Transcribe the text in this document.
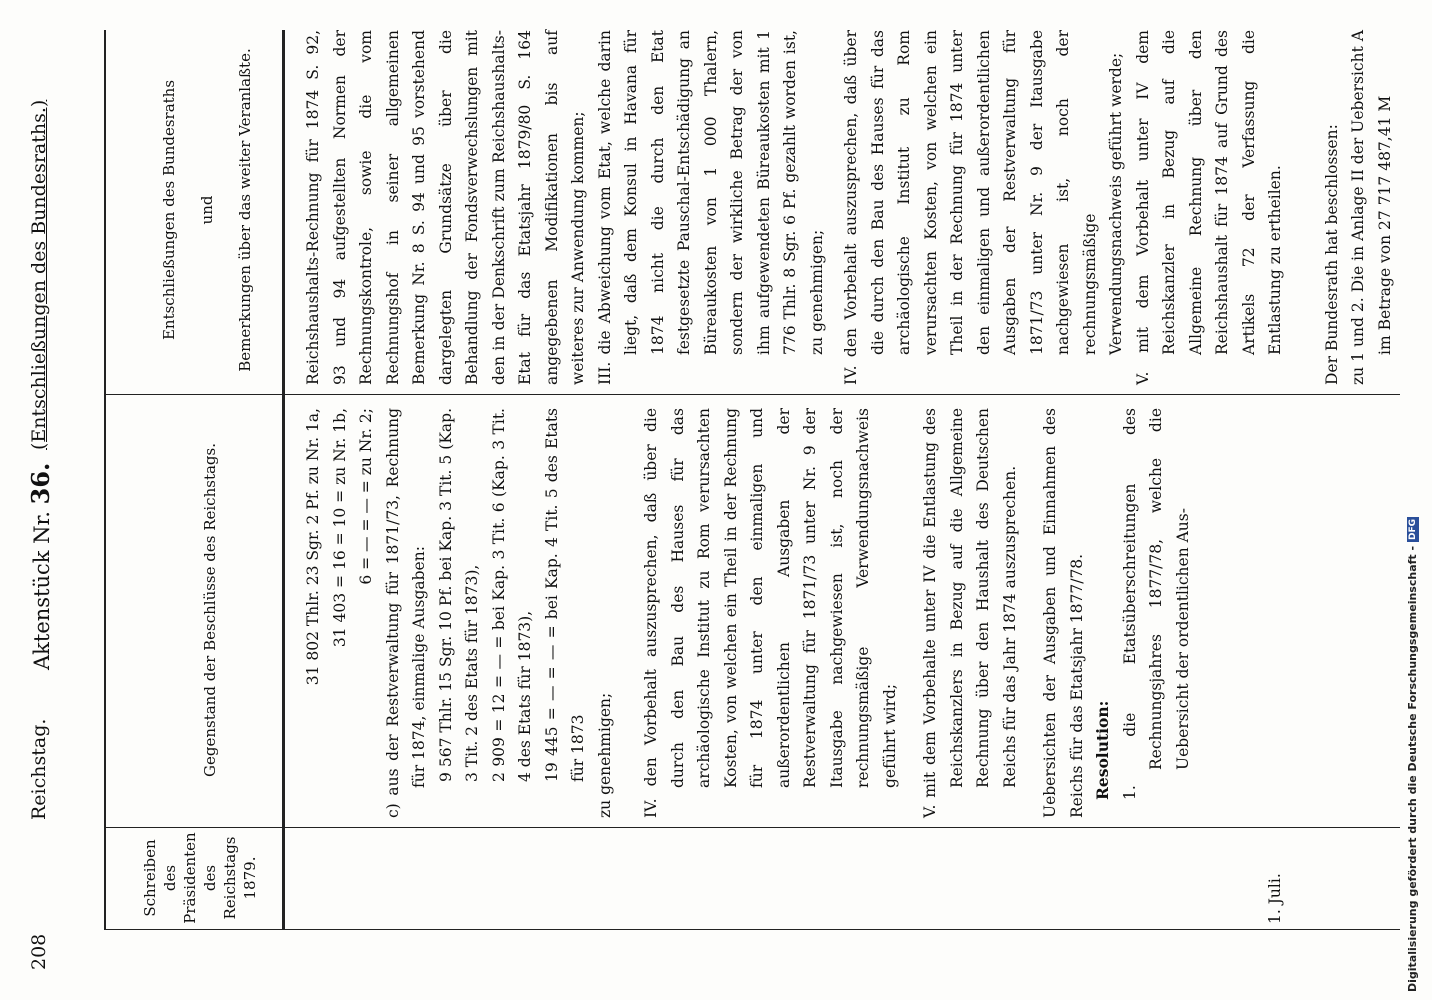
208
Reichstag.
Aktenstück Nr. 36.
(Entschließungen des Bundesraths.)
Schreiben des Präsidenten des Reichstags 1879.
Gegenstand der Beschlüsse des Reichstags.
Entschließungen des Bundesraths	und	Bemerkungen über das weiter Veranlaßte.
1. Juli.

31 802 Thlr. 23 Sgr. 2 Pf. zu Nr. 1a, 31 403 = 16 = 10 = zu Nr. 1b, 6 = — = — = zu Nr. 2; c) aus der Restverwaltung für 1871/73, Rechnung für 1874, einmalige Ausgaben: 9 567 Thlr. 15 Sgr. 10 Pf. bei Kap. 3 Tit. 5 (Kap. 3 Tit. 2 des Etats für 1873), 2 909 = 12 = — = bei Kap. 3 Tit. 6 (Kap. 3 Tit. 4 des Etats für 1873), 19 445 = — = — = bei Kap. 4 Tit. 5 des Etats für 1873 zu genehmigen; IV. den Vorbehalt auszusprechen, daß über die durch den Bau des Hauses für das archäologische Institut zu Rom verursachten Kosten, von welchen ein Theil in der Rechnung für 1874 unter den einmaligen und außerordentlichen Ausgaben der Restverwaltung für 1871/73 unter Nr. 9 der Itausgabe nachgewiesen ist, noch der rechnungsmäßige Verwendungsnachweis geführt wird; V. mit dem Vorbehalte unter IV die Entlastung des Reichskanzlers in Bezug auf die Allgemeine Rechnung über den Haushalt des Deutschen Reichs für das Jahr 1874 auszusprechen. Uebersichten der Ausgaben und Einnahmen des Reichs für das Etatsjahr 1877/78. Resolution: 1. die Etatsüberschreitungen des Rechnungsjahres 1877/78, welche die Uebersicht der ordentlichen Aus-

Reichshaushalts-Rechnung für 1874 S. 92, 93 und 94 aufgestellten Normen der Rechnungskontrole, sowie die vom Rechnungshof in seiner allgemeinen Bemerkung Nr. 8 S. 94 und 95 vorstehend dargelegten Grundsätze über die Behandlung der Fondsverwechslungen mit den in der Denkschrift zum Reichshaushalts-Etat für das Etatsjahr 1879/80 S. 164 angegebenen Modifikationen bis auf weiteres zur Anwendung kommen; III. die Abweichung vom Etat, welche darin liegt, daß dem Konsul in Havana für 1874 nicht die durch den Etat festgesetzte Pauschal-Entschädigung an Büreaukosten von 1 000 Thalern, sondern der wirkliche Betrag der von ihm aufgewendeten Büreaukosten mit 1 776 Thlr. 8 Sgr. 6 Pf. gezahlt worden ist, zu genehmigen; IV. den Vorbehalt auszusprechen, daß über die durch den Bau des Hauses für das archäologische Institut zu Rom verursachten Kosten, von welchen ein Theil in der Rechnung für 1874 unter den einmaligen und außerordentlichen Ausgaben der Restverwaltung für 1871/73 unter Nr. 9 der Itausgabe nachgewiesen ist, noch der rechnungsmäßige Verwendungsnachweis geführt werde; V. mit dem Vorbehalt unter IV dem Reichskanzler in Bezug auf die Allgemeine Rechnung über den Reichshaushalt für 1874 auf Grund des Artikels 72 der Verfassung die Entlastung zu ertheilen. Der Bundesrath hat beschlossen: zu 1 und 2. Die in Anlage II der Uebersicht A im Betrage von 27 717 487,41 M

Digitalisierung gefördert durch die Deutsche Forschungsgemeinschaft - DFG
